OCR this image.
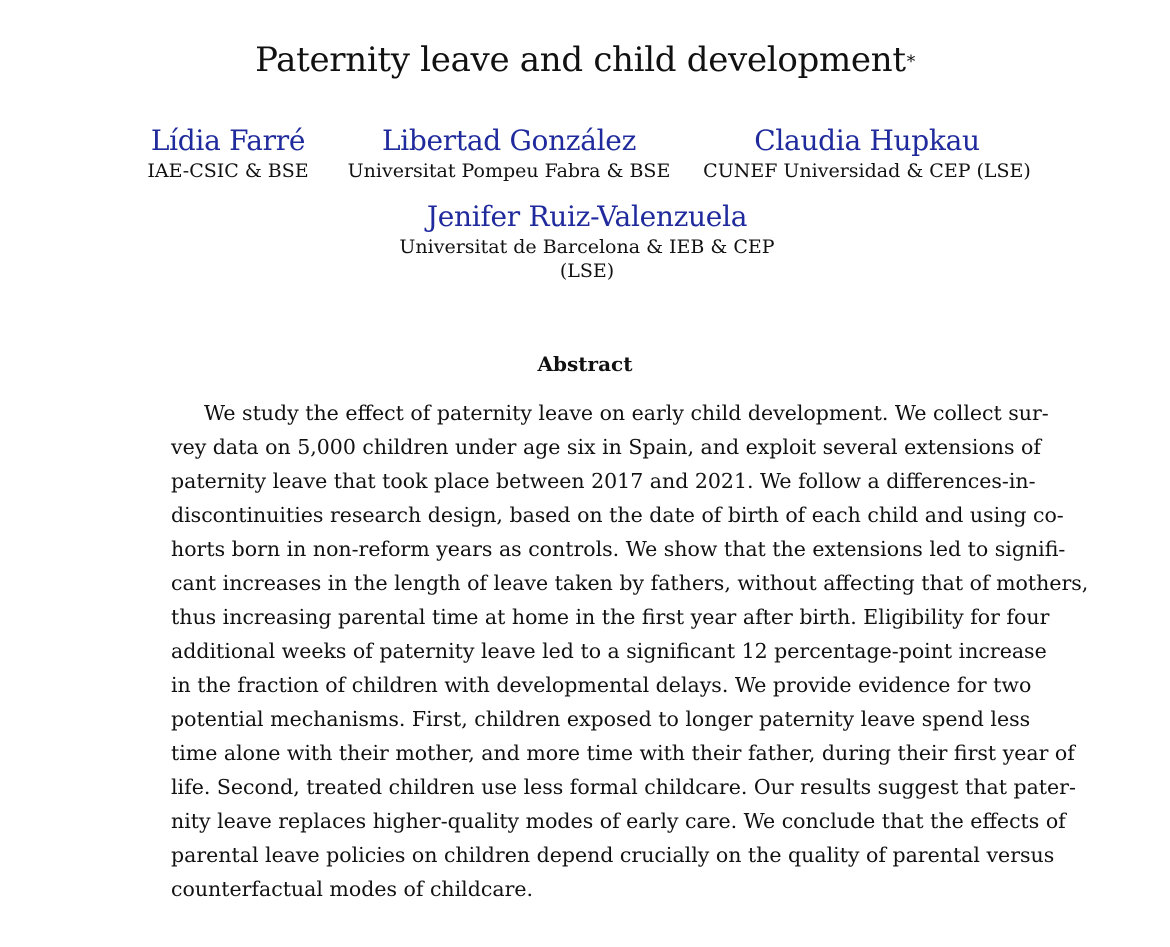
Paternity leave and child development*
Lídia Farré
IAE-CSIC & BSE
Libertad González
Universitat Pompeu Fabra & BSE
Claudia Hupkau
CUNEF Universidad & CEP (LSE)
Jenifer Ruiz-Valenzuela
Universitat de Barcelona & IEB & CEP (LSE)
Abstract
We study the effect of paternity leave on early child development. We collect sur-
vey data on 5,000 children under age six in Spain, and exploit several extensions of
paternity leave that took place between 2017 and 2021. We follow a differences-in-
discontinuities research design, based on the date of birth of each child and using co-
horts born in non-reform years as controls. We show that the extensions led to signifi-
cant increases in the length of leave taken by fathers, without affecting that of mothers,
thus increasing parental time at home in the first year after birth. Eligibility for four
additional weeks of paternity leave led to a significant 12 percentage-point increase
in the fraction of children with developmental delays. We provide evidence for two
potential mechanisms. First, children exposed to longer paternity leave spend less
time alone with their mother, and more time with their father, during their first year of
life. Second, treated children use less formal childcare. Our results suggest that pater-
nity leave replaces higher-quality modes of early care. We conclude that the effects of
parental leave policies on children depend crucially on the quality of parental versus
counterfactual modes of childcare.
